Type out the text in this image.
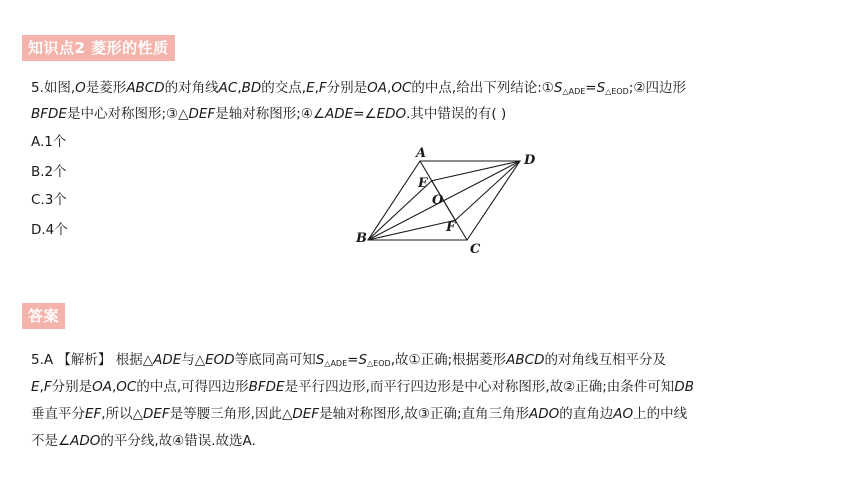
知识点2 菱形的性质
5.如图,O是菱形ABCD的对角线AC,BD的交点,E,F分别是OA,OC的中点,给出下列结论$:①S_{\triangle ADE}=S_{\triangle EOD};②$四边形
BFDE是中心对称图形;③△DEF是轴对称图形;④∠ADE=∠EDO.其中错误的有( )
A.1个
B.2个
C.3个
D.4个
A	D
E
O
F
B
C
答案
5.A 【解析】 根据△ADE与△EOD等底同高可知$S_{\triangle ADE}=S_{\triangle EOD}$,故①正确;根据菱形ABCD的对角线互相平分及
E,F分别是OA,OC的中点,可得四边形BFDE是平行四边形,而平行四边形是中心对称图形,故②正确;由条件可知DB
垂直平分EF,所以△DEF是等腰三角形,因此△DEF是轴对称图形,故③正确;直角三角形ADO的直角边AO上的中线
不是∠ADO的平分线,故④错误.故选A.
